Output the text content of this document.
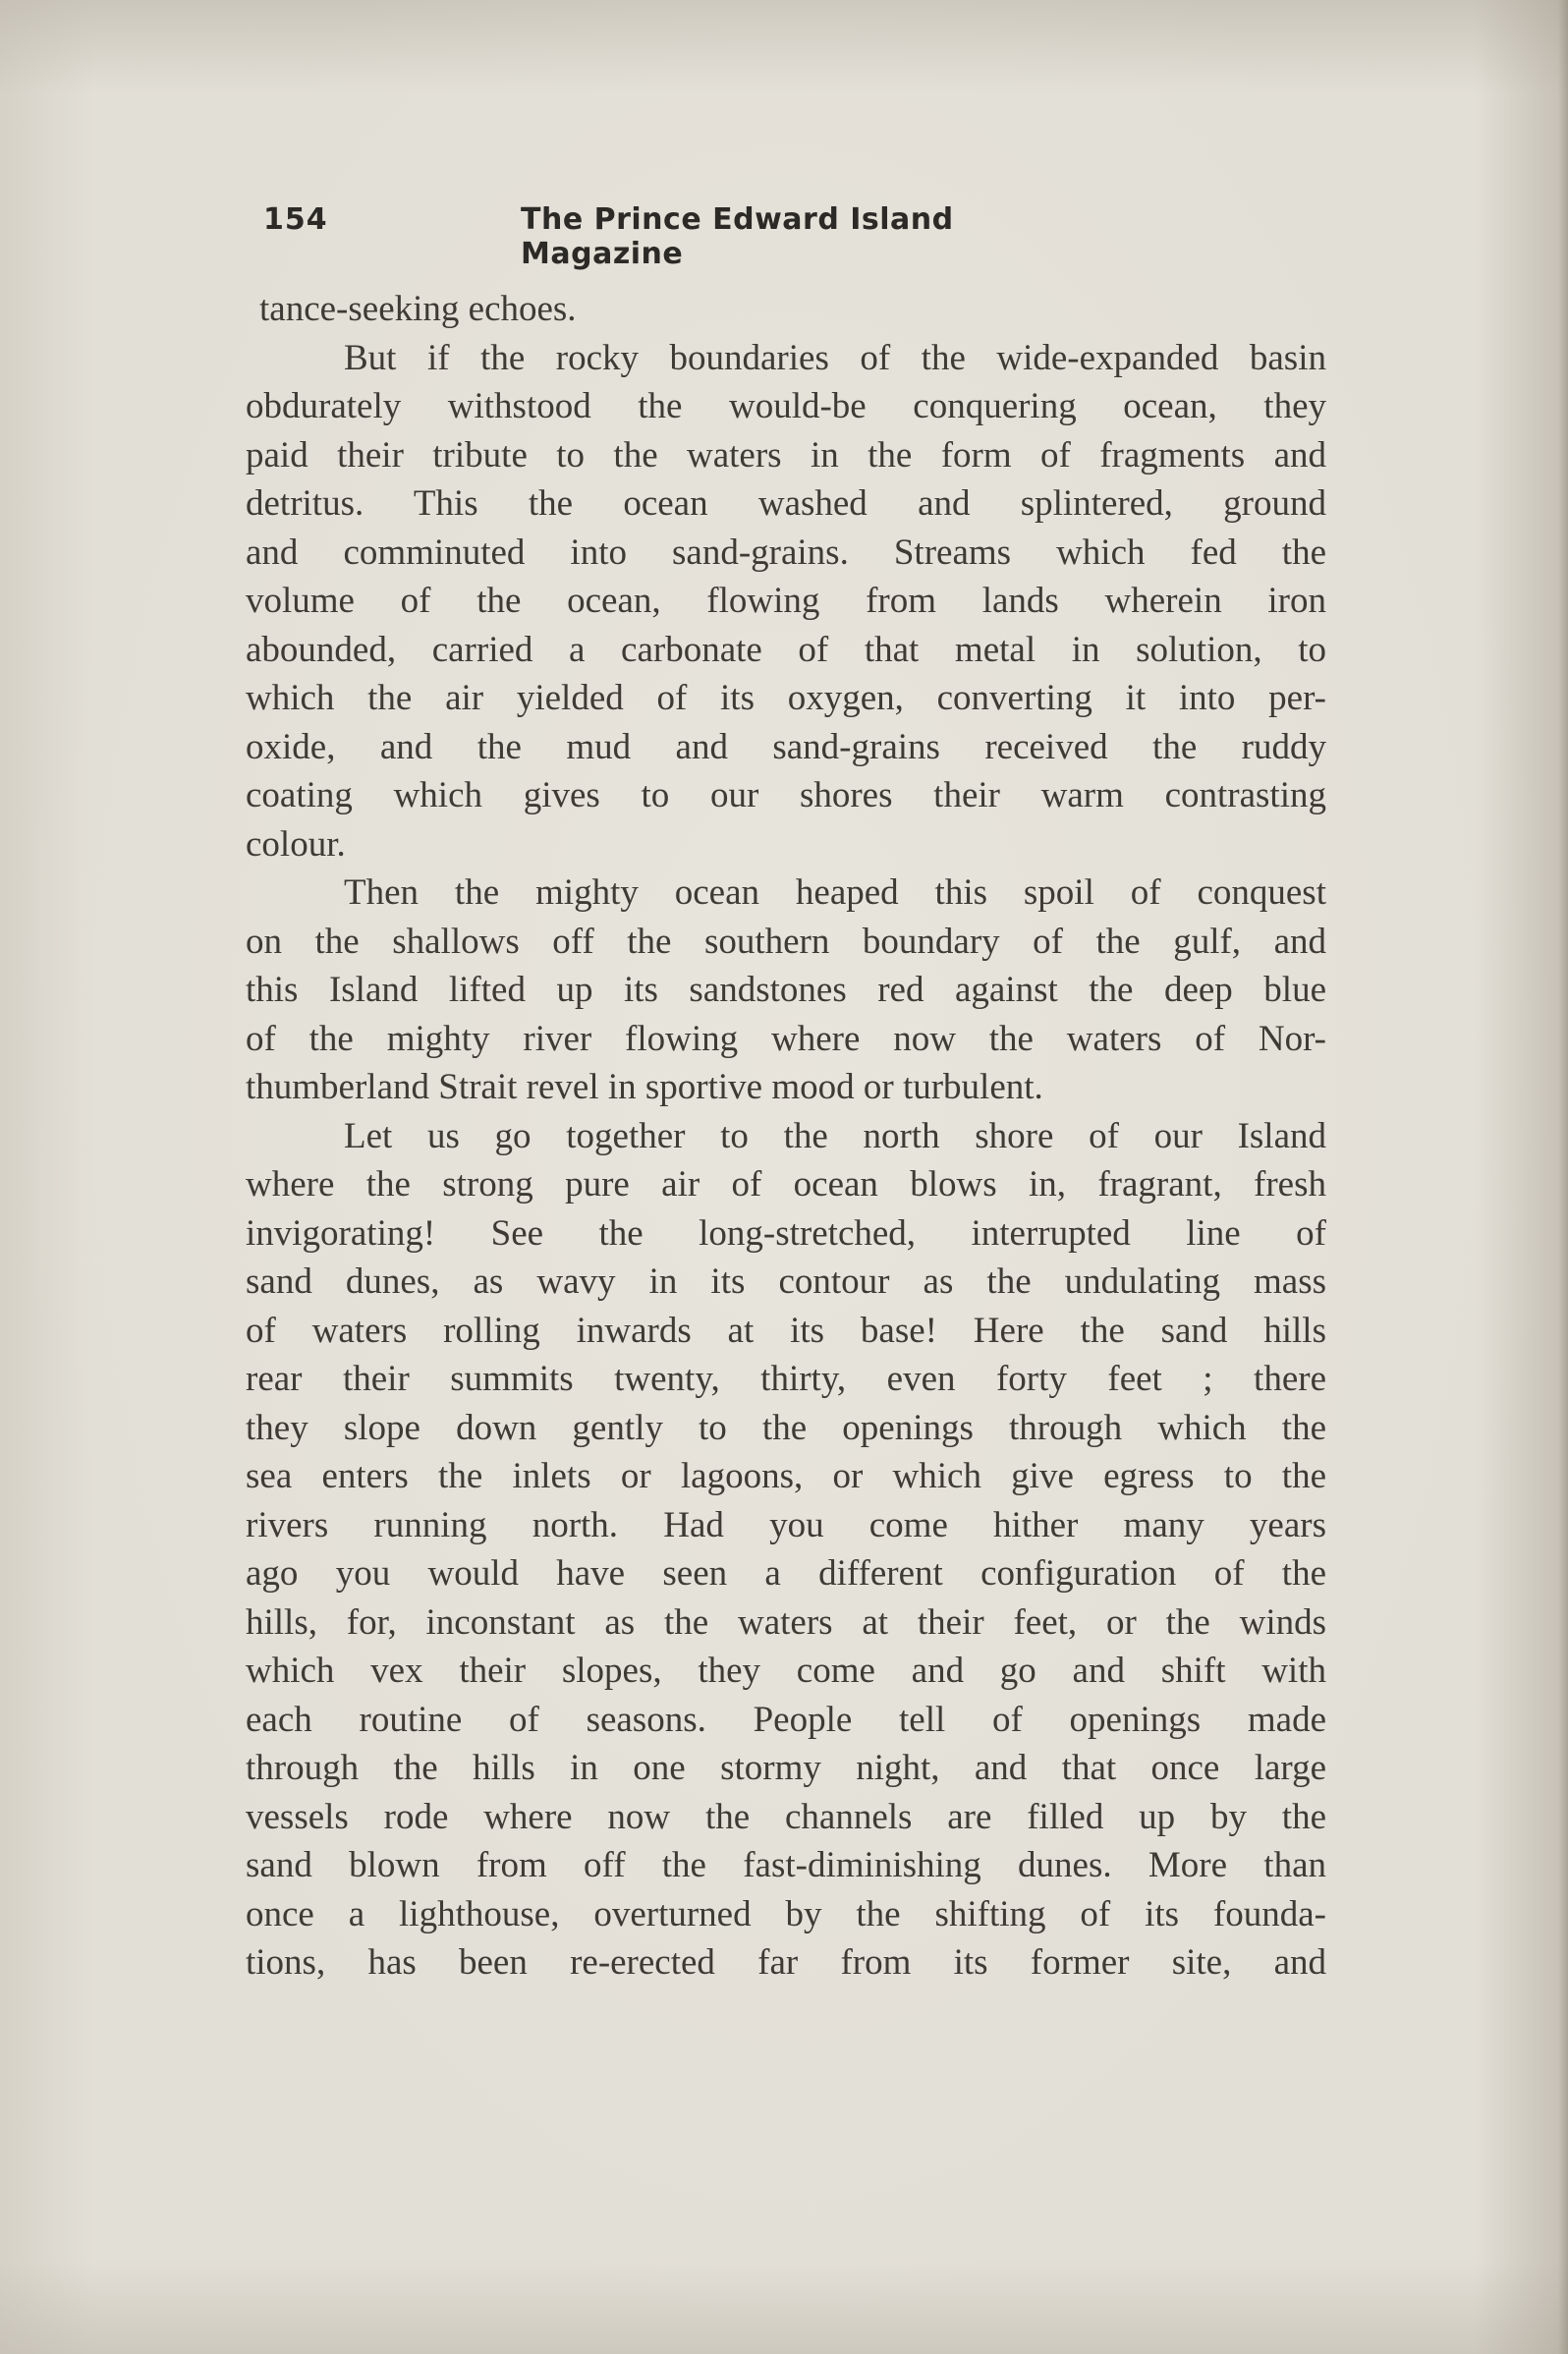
154	The Prince Edward Island Magazine
tance-seeking echoes.
But if the rocky boundaries of the wide-expanded basin
obdurately withstood the would-be conquering ocean, they
paid their tribute to the waters in the form of fragments and
detritus. This the ocean washed and splintered, ground
and comminuted into sand-grains. Streams which fed the
volume of the ocean, flowing from lands wherein iron
abounded, carried a carbonate of that metal in solution, to
which the air yielded of its oxygen, converting it into per-
oxide, and the mud and sand-grains received the ruddy
coating which gives to our shores their warm contrasting
colour.
Then the mighty ocean heaped this spoil of conquest
on the shallows off the southern boundary of the gulf, and
this Island lifted up its sandstones red against the deep blue
of the mighty river flowing where now the waters of Nor-
thumberland Strait revel in sportive mood or turbulent.
Let us go together to the north shore of our Island
where the strong pure air of ocean blows in, fragrant, fresh
invigorating! See the long-stretched, interrupted line of
sand dunes, as wavy in its contour as the undulating mass
of waters rolling inwards at its base! Here the sand hills
rear their summits twenty, thirty, even forty feet ; there
they slope down gently to the openings through which the
sea enters the inlets or lagoons, or which give egress to the
rivers running north. Had you come hither many years
ago you would have seen a different configuration of the
hills, for, inconstant as the waters at their feet, or the winds
which vex their slopes, they come and go and shift with
each routine of seasons. People tell of openings made
through the hills in one stormy night, and that once large
vessels rode where now the channels are filled up by the
sand blown from off the fast-diminishing dunes. More than
once a lighthouse, overturned by the shifting of its founda-
tions, has been re-erected far from its former site, and
